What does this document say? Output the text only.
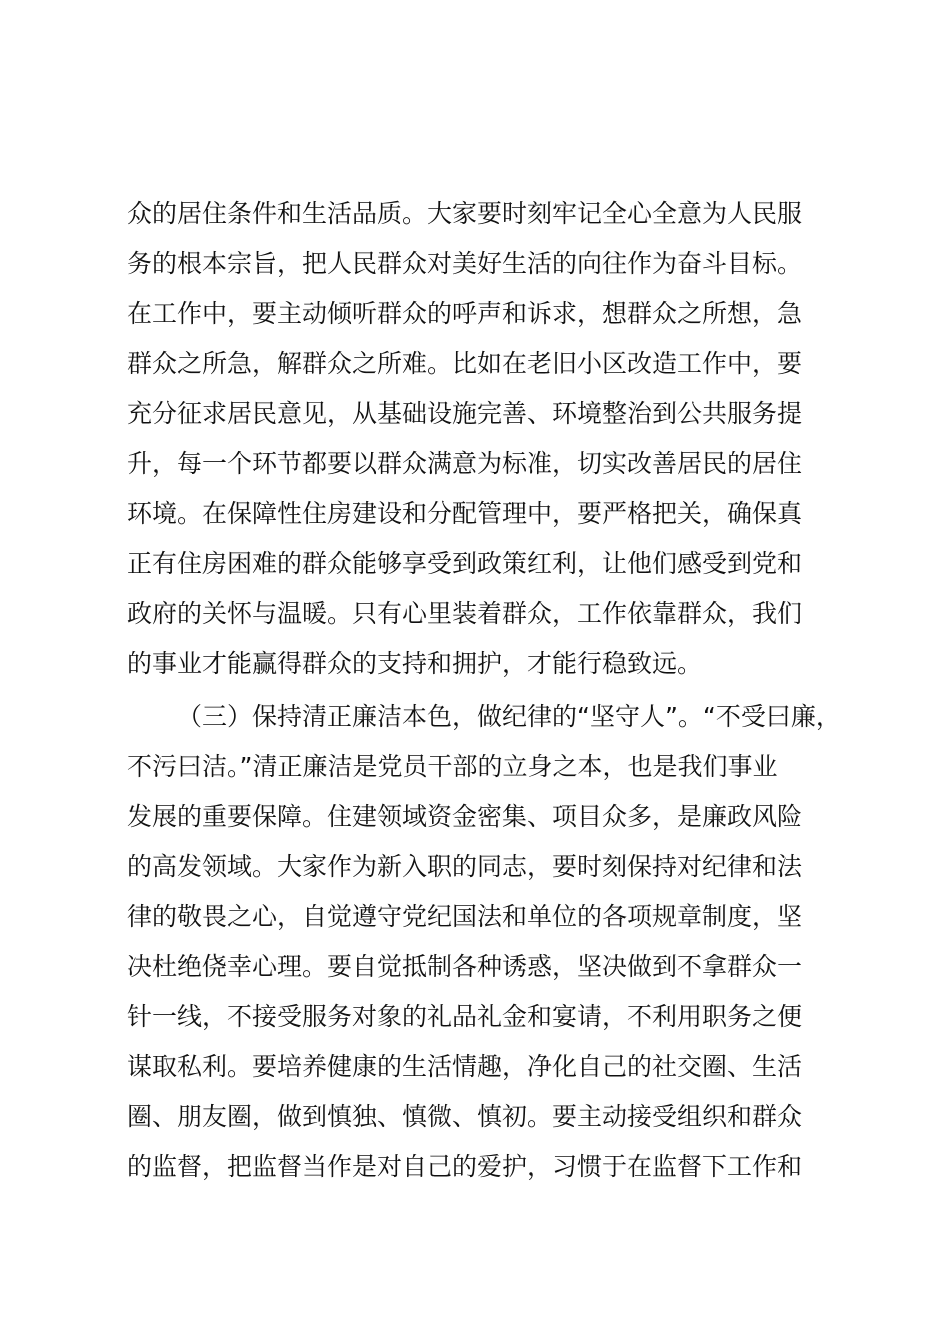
众的居住条件和生活品质。大家要时刻牢记全心全意为人民服
务的根本宗旨，把人民群众对美好生活的向往作为奋斗目标。
在工作中，要主动倾听群众的呼声和诉求，想群众之所想，急
群众之所急，解群众之所难。比如在老旧小区改造工作中，要
充分征求居民意见，从基础设施完善、环境整治到公共服务提
升，每一个环节都要以群众满意为标准，切实改善居民的居住
环境。在保障性住房建设和分配管理中，要严格把关，确保真
正有住房困难的群众能够享受到政策红利，让他们感受到党和
政府的关怀与温暖。只有心里装着群众，工作依靠群众，我们
的事业才能赢得群众的支持和拥护，才能行稳致远。
（三）保持清正廉洁本色，做纪律的“坚守人”。“不受曰廉，
不污曰洁。”清正廉洁是党员干部的立身之本，也是我们事业
发展的重要保障。住建领域资金密集、项目众多，是廉政风险
的高发领域。大家作为新入职的同志，要时刻保持对纪律和法
律的敬畏之心，自觉遵守党纪国法和单位的各项规章制度，坚
决杜绝侥幸心理。要自觉抵制各种诱惑，坚决做到不拿群众一
针一线，不接受服务对象的礼品礼金和宴请，不利用职务之便
谋取私利。要培养健康的生活情趣，净化自己的社交圈、生活
圈、朋友圈，做到慎独、慎微、慎初。要主动接受组织和群众
的监督，把监督当作是对自己的爱护，习惯于在监督下工作和
